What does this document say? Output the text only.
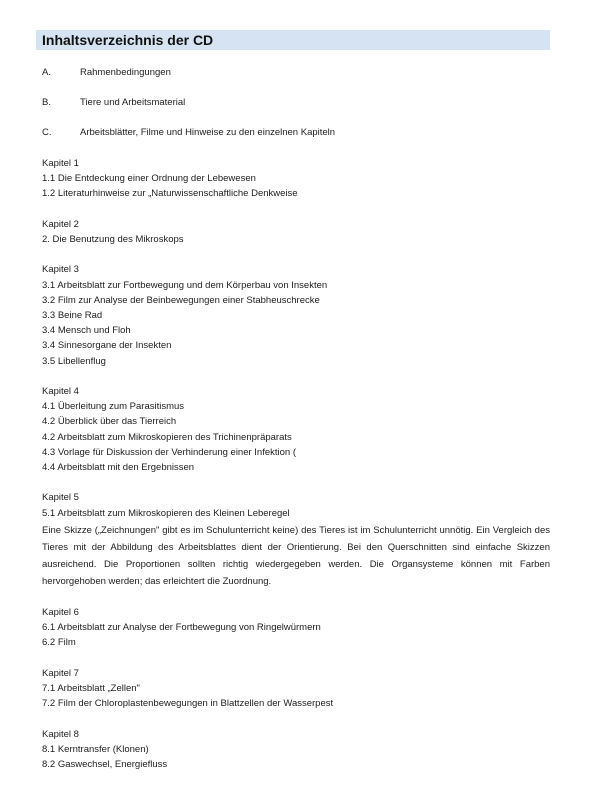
Inhaltsverzeichnis der CD
A.	Rahmenbedingungen
B.	Tiere und Arbeitsmaterial
C.	Arbeitsblätter, Filme und Hinweise zu den einzelnen Kapiteln
Kapitel 1
1.1 Die Entdeckung einer Ordnung der Lebewesen
1.2 Literaturhinweise zur „Naturwissenschaftliche Denkweise
Kapitel 2
2. Die Benutzung des Mikroskops
Kapitel 3
3.1 Arbeitsblatt zur Fortbewegung und dem Körperbau von Insekten
3.2 Film zur Analyse der Beinbewegungen einer Stabheuschrecke
3.3 Beine Rad
3.4 Mensch und Floh
3.4 Sinnesorgane der Insekten
3.5 Libellenflug
Kapitel 4
4.1 Überleitung zum Parasitismus
4.2 Überblick über das Tierreich
4.2 Arbeitsblatt zum Mikroskopieren des Trichinenpräparats
4.3 Vorlage für Diskussion der Verhinderung einer Infektion (
4.4 Arbeitsblatt mit den Ergebnissen
Kapitel 5
5.1 Arbeitsblatt zum Mikroskopieren des Kleinen Leberegel
Eine Skizze („Zeichnungen" gibt es im Schulunterricht keine) des Tieres ist im Schulunterricht unnötig. Ein Vergleich des Tieres mit der Abbildung des Arbeitsblattes dient der Orientierung. Bei den Querschnitten sind einfache Skizzen ausreichend. Die Proportionen sollten richtig wiedergegeben werden. Die Organsysteme können mit Farben hervorgehoben werden; das erleichtert die Zuordnung.
Kapitel 6
6.1 Arbeitsblatt zur Analyse der Fortbewegung von Ringelwürmern
6.2 Film
Kapitel 7
7.1 Arbeitsblatt „Zellen"
7.2 Film der Chloroplastenbewegungen in Blattzellen der Wasserpest
Kapitel 8
8.1 Kerntransfer (Klonen)
8.2 Gaswechsel, Energiefluss
